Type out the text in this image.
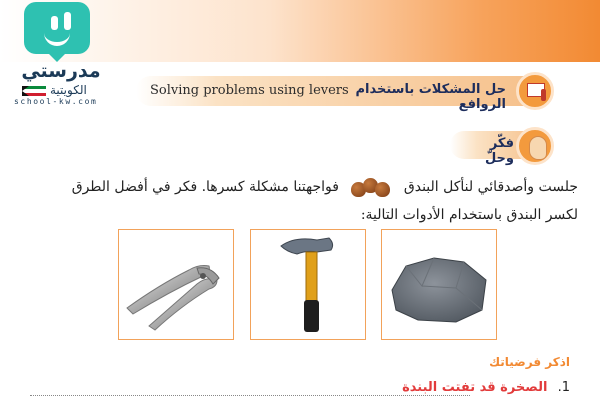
مدرستي
الكويتية
school-kw.com
Solving problems using levers حل المشكلات باستخدام الروافع
فكّر وحلّ
جلست وأصدقائي لنأكل البندق
فواجهتنا مشكلة كسرها. فكر في أفضل الطرق
لكسر البندق باستخدام الأدوات التالية:
اذكر فرضياتك
1. الصخرة قد تفتت البندة
